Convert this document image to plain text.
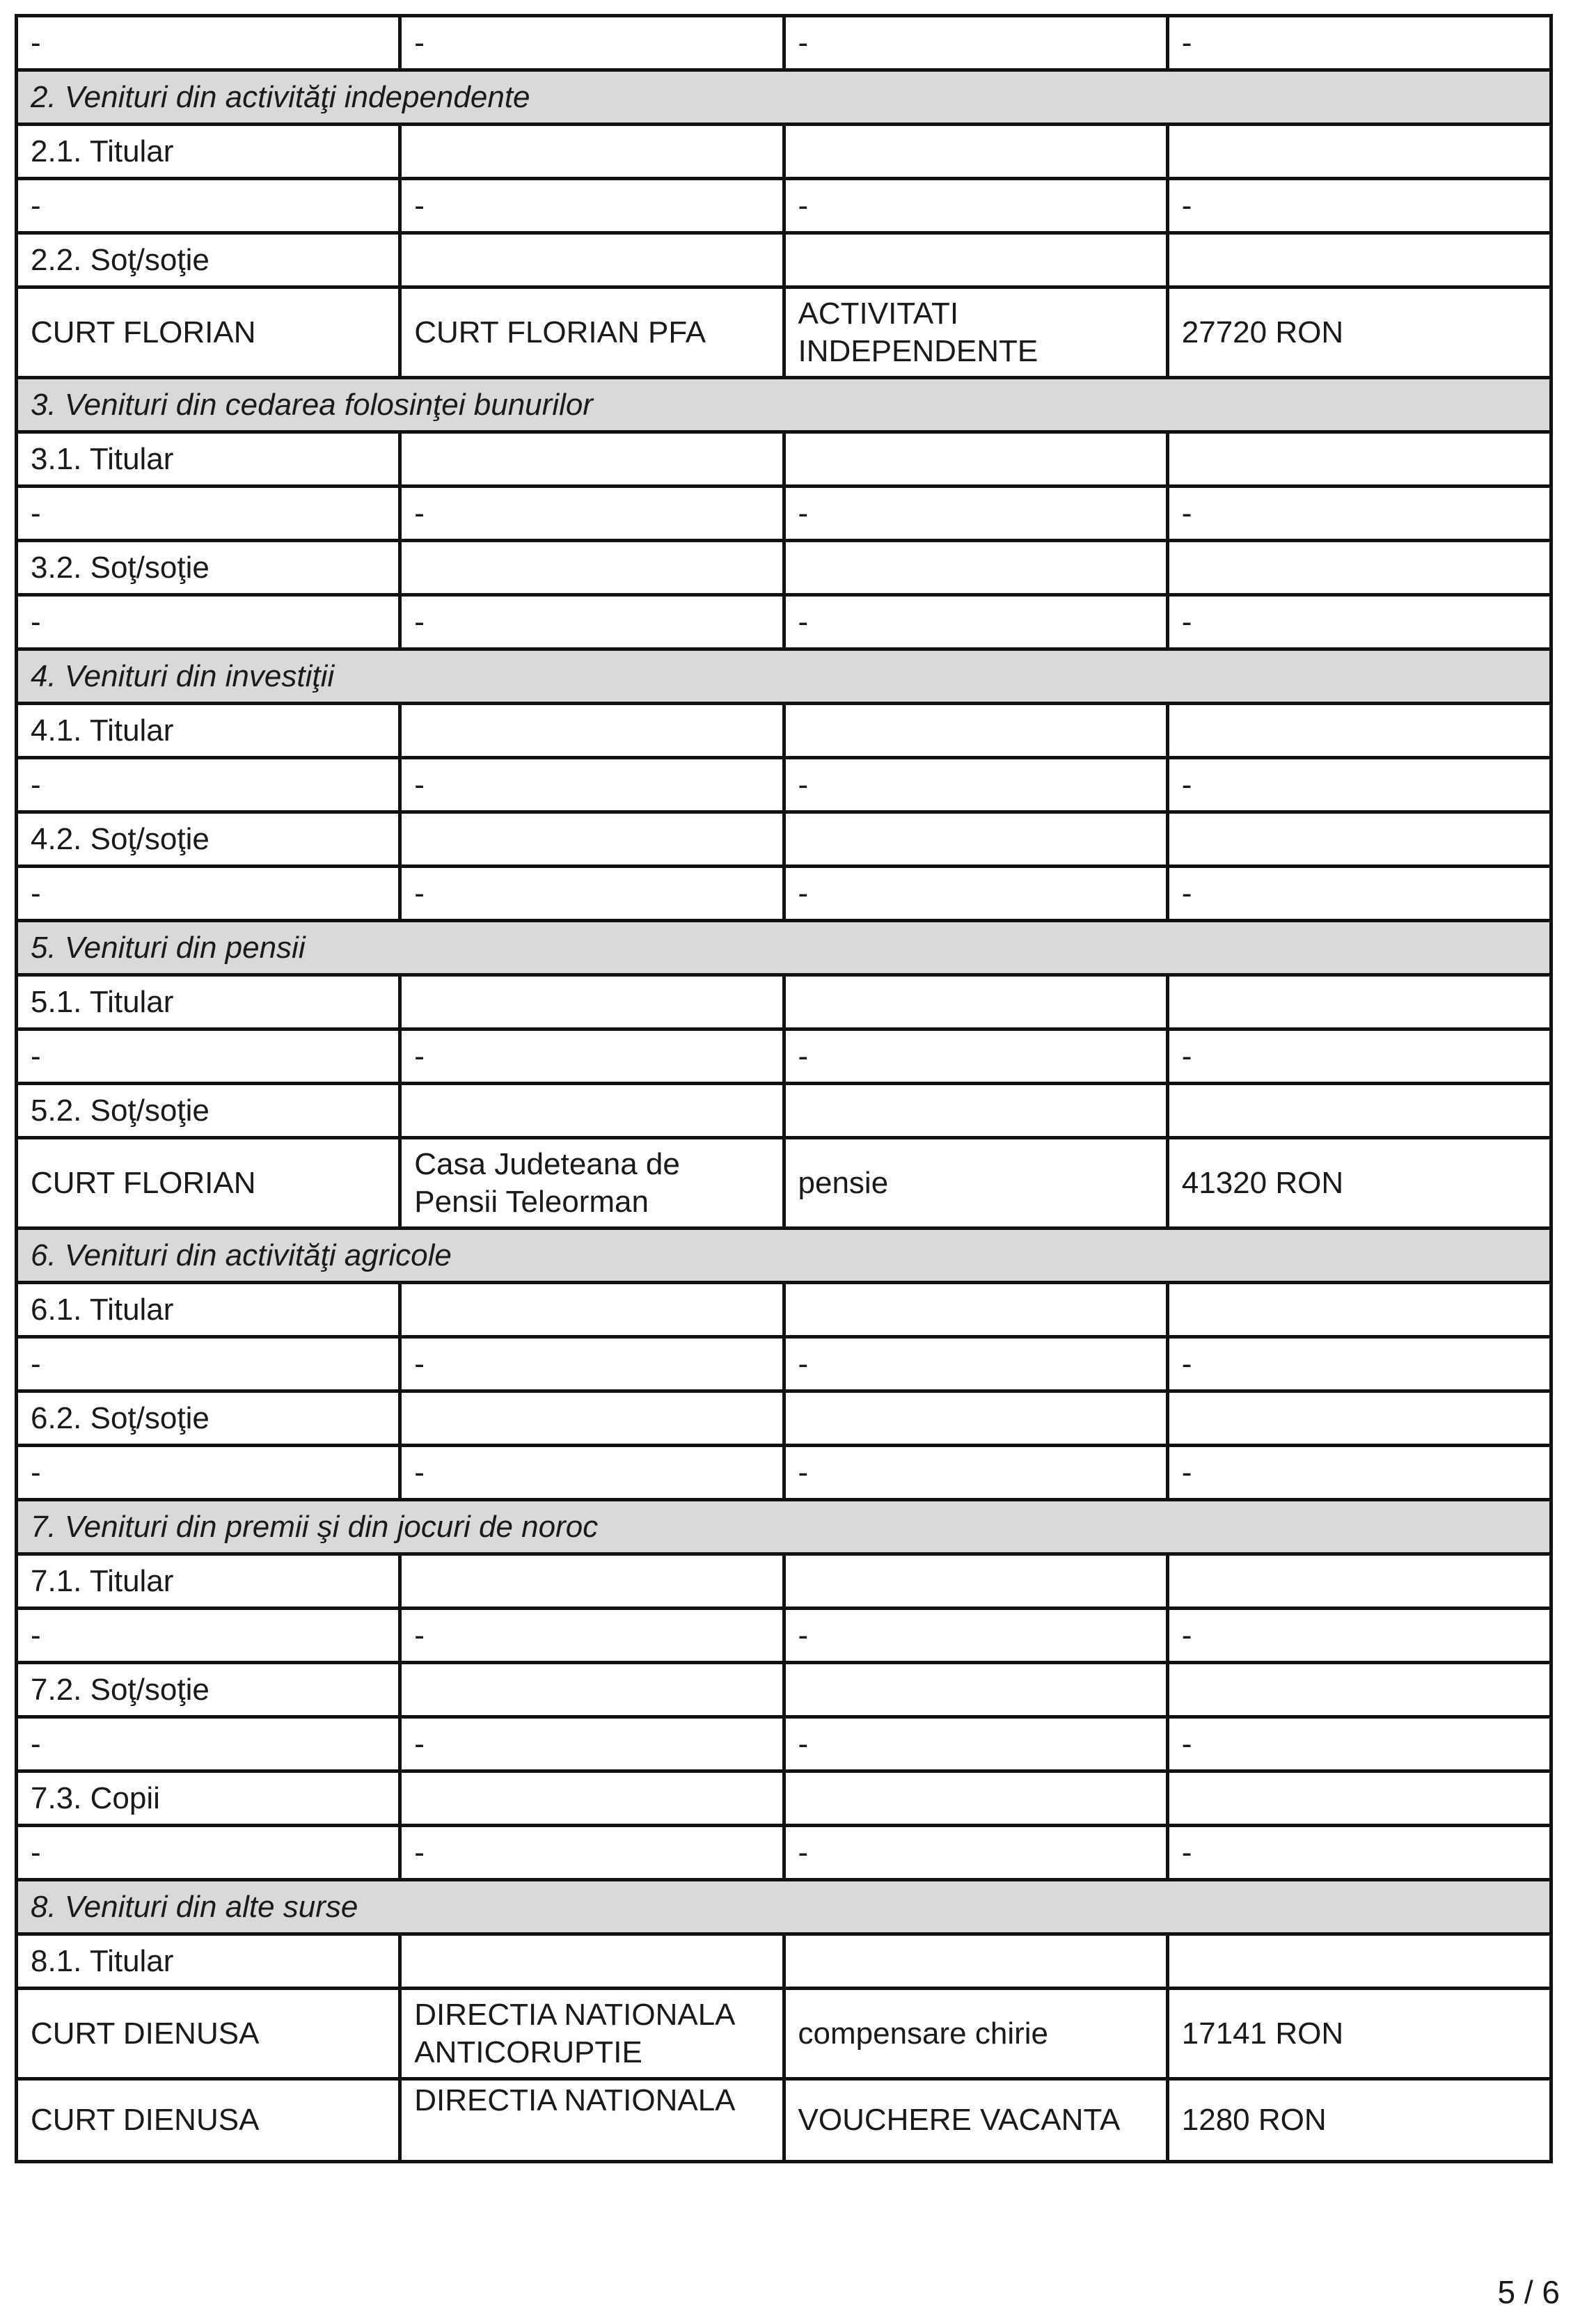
-	-	-	-
2. Venituri din activităţi independente			
2.1. Titular			
-	-	-	-
2.2. Soţ/soţie			
CURT FLORIAN	CURT FLORIAN PFA	ACTIVITATI INDEPENDENTE	27720 RON
3. Venituri din cedarea folosinţei bunurilor			
3.1. Titular			
-	-	-	-
3.2. Soţ/soţie			
-	-	-	-
4. Venituri din investiţii			
4.1. Titular			
-	-	-	-
4.2. Soţ/soţie			
-	-	-	-
5. Venituri din pensii			
5.1. Titular			
-	-	-	-
5.2. Soţ/soţie			
CURT FLORIAN	Casa Judeteana de Pensii Teleorman	pensie	41320 RON
6. Venituri din activităţi agricole			
6.1. Titular			
-	-	-	-
6.2. Soţ/soţie			
-	-	-	-
7. Venituri din premii şi din jocuri de noroc			
7.1. Titular			
-	-	-	-
7.2. Soţ/soţie			
-	-	-	-
7.3. Copii			
-	-	-	-
8. Venituri din alte surse			
8.1. Titular			
CURT DIENUSA	DIRECTIA NATIONALA ANTICORUPTIE	compensare chirie	17141 RON
CURT DIENUSA	DIRECTIA NATIONALA	VOUCHERE VACANTA	1280 RON
5 / 6
